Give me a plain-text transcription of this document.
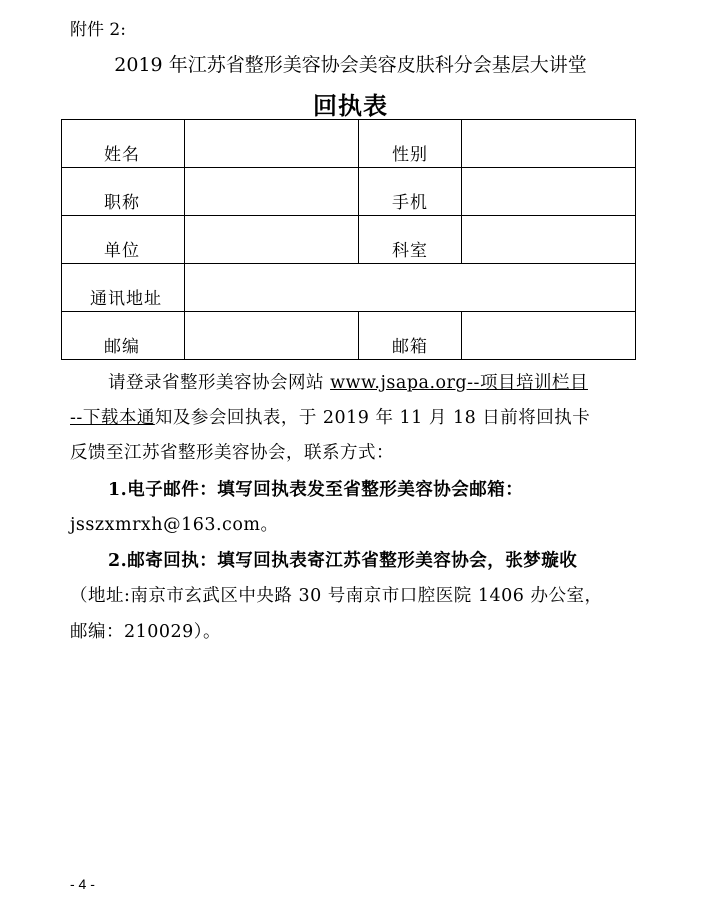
附件 2:
2019 年江苏省整形美容协会美容皮肤科分会基层大讲堂
回执表
姓名		性别	
职称		手机	
单位		科室	
通讯地址			
邮编		邮箱	
请登录省整形美容协会网站 www.jsapa.org--项目培训栏目
--下载本通知及参会回执表，于 2019 年 11 月 18 日前将回执卡
反馈至江苏省整形美容协会，联系方式：
1.电子邮件：填写回执表发至省整形美容协会邮箱：
jsszxmrxh@163.com。
2.邮寄回执：填写回执表寄江苏省整形美容协会，张梦璇收
（地址:南京市玄武区中央路 30 号南京市口腔医院 1406 办公室，
邮编：210029）。
- 4 -
